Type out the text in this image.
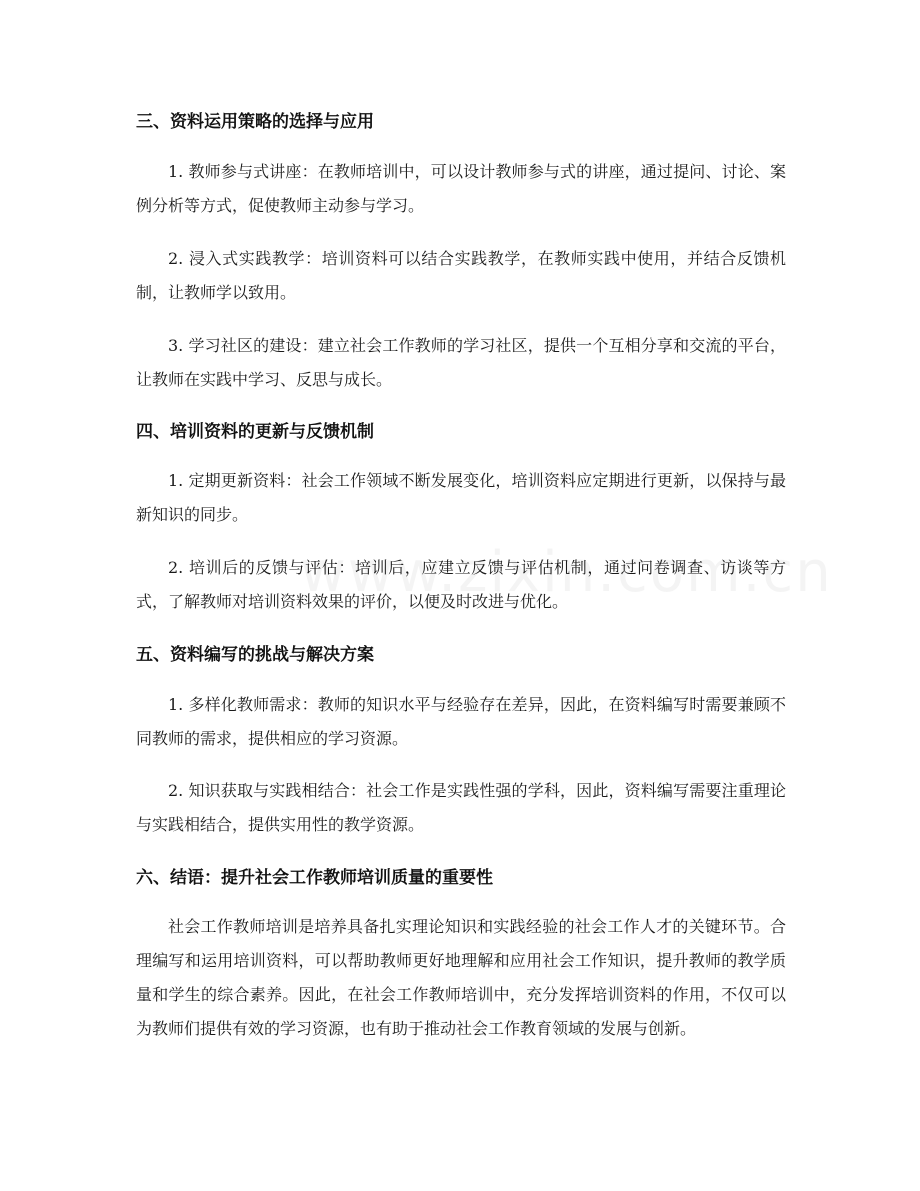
三、资料运用策略的选择与应用
1. 教师参与式讲座：在教师培训中，可以设计教师参与式的讲座，通过提问、讨论、案例分析等方式，促使教师主动参与学习。
2. 浸入式实践教学：培训资料可以结合实践教学，在教师实践中使用，并结合反馈机制，让教师学以致用。
3. 学习社区的建设：建立社会工作教师的学习社区，提供一个互相分享和交流的平台，让教师在实践中学习、反思与成长。
四、培训资料的更新与反馈机制
1. 定期更新资料：社会工作领域不断发展变化，培训资料应定期进行更新，以保持与最新知识的同步。
2. 培训后的反馈与评估：培训后，应建立反馈与评估机制，通过问卷调查、访谈等方式，了解教师对培训资料效果的评价，以便及时改进与优化。
五、资料编写的挑战与解决方案
1. 多样化教师需求：教师的知识水平与经验存在差异，因此，在资料编写时需要兼顾不同教师的需求，提供相应的学习资源。
2. 知识获取与实践相结合：社会工作是实践性强的学科，因此，资料编写需要注重理论与实践相结合，提供实用性的教学资源。
六、结语：提升社会工作教师培训质量的重要性
社会工作教师培训是培养具备扎实理论知识和实践经验的社会工作人才的关键环节。合理编写和运用培训资料，可以帮助教师更好地理解和应用社会工作知识，提升教师的教学质量和学生的综合素养。因此，在社会工作教师培训中，充分发挥培训资料的作用，不仅可以为教师们提供有效的学习资源，也有助于推动社会工作教育领域的发展与创新。
